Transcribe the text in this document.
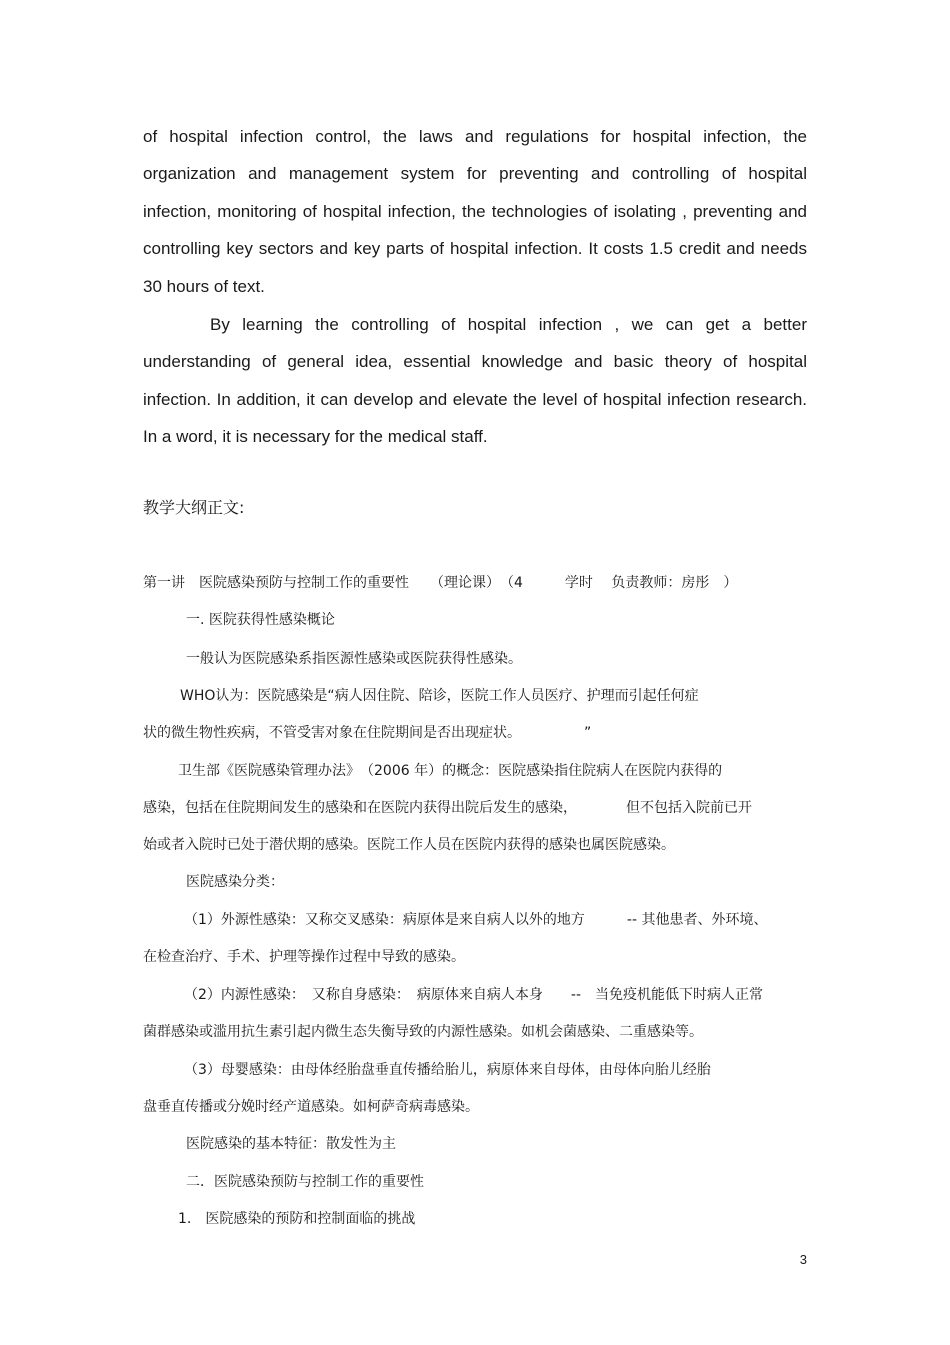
of hospital infection control, the laws and regulations for hospital infection, the organization and management system for preventing and controlling of hospital infection, monitoring of hospital infection, the technologies of isolating , preventing and controlling key sectors and key parts of hospital infection. It costs 1.5 credit and needs 30 hours of text.

By learning the controlling of hospital infection , we can get a better understanding of general idea, essential knowledge and basic theory of hospital infection. In addition, it can develop and elevate the level of hospital infection research. In a word, it is necessary for the medical staff.

教学大纲正文:
第一讲　医院感染预防与控制工作的重要性　　（理论课）　（4　　　学时　 负责教师：房彤　）
一. 医院获得性感染概论
一般认为医院感染系指医源性感染或医院获得性感染。
WHO认为：医院感染是“病人因住院、陪诊，医院工作人员医疗、护理而引起任何症
状的微生物性疾病，不管受害对象在住院期间是否出现症状。　　　　　”
卫生部《医院感染管理办法》　（2006 年）的概念：医院感染指住院病人在医院内获得的
感染，包括在住院期间发生的感染和在医院内获得出院后发生的感染，　　　　但不包括入院前已开
始或者入院时已处于潜伏期的感染。医院工作人员在医院内获得的感染也属医院感染。
医院感染分类：
（1）外源性感染：又称交叉感染：病原体是来自病人以外的地方　　　-- 其他患者、外环境、
在检查治疗、手术、护理等操作过程中导致的感染。
（2）内源性感染：　又称自身感染：　病原体来自病人本身　　--　当免疫机能低下时病人正常
菌群感染或滥用抗生素引起内微生态失衡导致的内源性感染。如机会菌感染、二重感染等。
（3）母婴感染：由母体经胎盘垂直传播给胎儿，病原体来自母体，由母体向胎儿经胎
盘垂直传播或分娩时经产道感染。如柯萨奇病毒感染。
医院感染的基本特征：散发性为主
二．医院感染预防与控制工作的重要性
1.　医院感染的预防和控制面临的挑战
3
